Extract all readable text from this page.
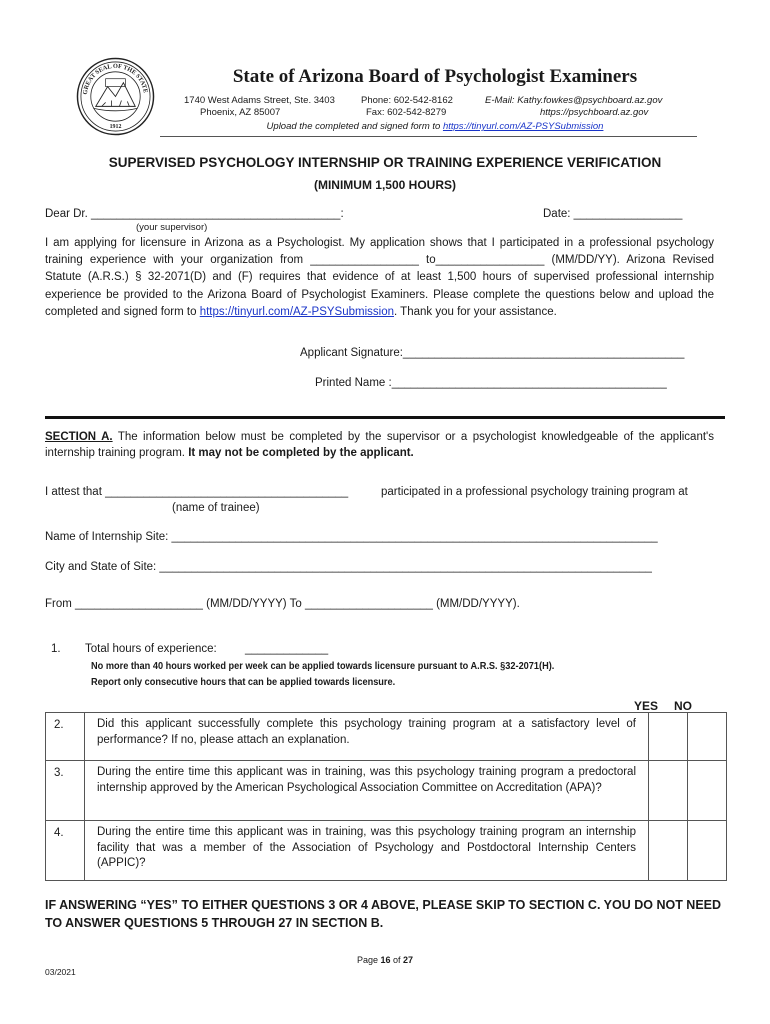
GREAT SEAL OF THE STATE
1912
State of Arizona Board of Psychologist Examiners
1740 West Adams Street, Ste. 3403
Phoenix, AZ 85007
Phone: 602-542-8162
Fax: 602-542-8279
E-Mail: Kathy.fowkes@psychboard.az.gov
https://psychboard.az.gov
Upload the completed and signed form to https://tinyurl.com/AZ-PSYSubmission
SUPERVISED PSYCHOLOGY INTERNSHIP OR TRAINING EXPERIENCE VERIFICATION
(MINIMUM 1,500 HOURS)
Dear Dr. _______________________________________:	Date: _________________
(your supervisor)
I am applying for licensure in Arizona as a Psychologist. My application shows that I participated in a professional psychology training experience with your organization from _________________ to_________________ (MM/DD/YY). Arizona Revised Statute (A.R.S.) § 32-2071(D) and (F) requires that evidence of at least 1,500 hours of supervised professional internship experience be provided to the Arizona Board of Psychologist Examiners. Please complete the questions below and upload the completed and signed form to https://tinyurl.com/AZ-PSYSubmission. Thank you for your assistance.
Applicant Signature:____________________________________________
Printed Name :___________________________________________
SECTION A. The information below must be completed by the supervisor or a psychologist knowledgeable of the applicant's internship training program. It may not be completed by the applicant.
I attest that ______________________________________	participated in a professional psychology training program at
(name of trainee)
Name of Internship Site: ____________________________________________________________________________
City and State of Site: _____________________________________________________________________________
From ____________________ (MM/DD/YYYY) To ____________________ (MM/DD/YYYY).
1. Total hours of experience: _____________
No more than 40 hours worked per week can be applied towards licensure pursuant to A.R.S. §32-2071(H).
Report only consecutive hours that can be applied towards licensure.
YES NO
2.	Did this applicant successfully complete this psychology training program at a satisfactory level of performance? If no, please attach an explanation.		
3.	During the entire time this applicant was in training, was this psychology training program a predoctoral internship approved by the American Psychological Association Committee on Accreditation (APA)?		
4.	During the entire time this applicant was in training, was this psychology training program an internship facility that was a member of the Association of Psychology and Postdoctoral Internship Centers (APPIC)?		
IF ANSWERING “YES” TO EITHER QUESTIONS 3 OR 4 ABOVE, PLEASE SKIP TO SECTION C. YOU DO NOT NEED TO ANSWER QUESTIONS 5 THROUGH 27 IN SECTION B.
Page 16 of 27
03/2021
